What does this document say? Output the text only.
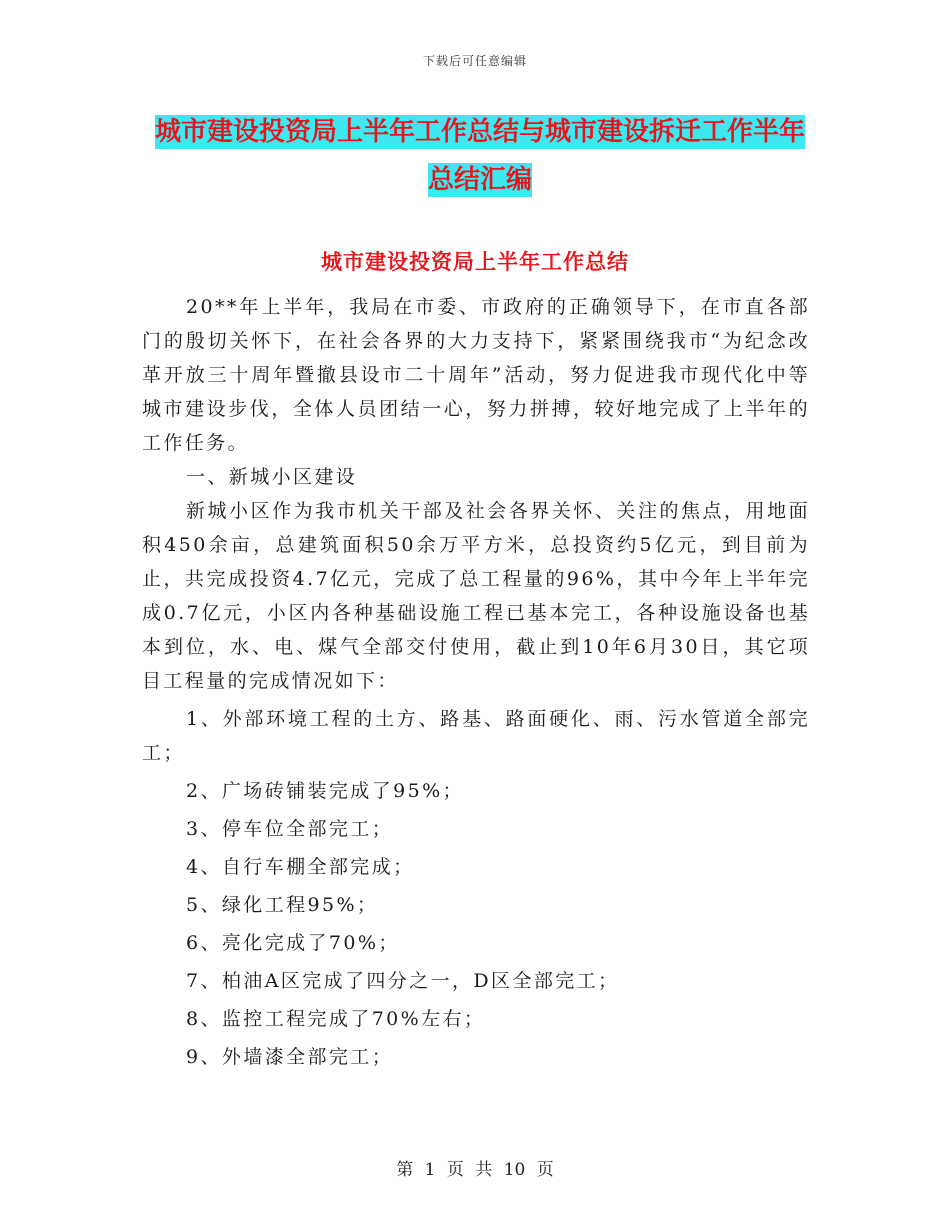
下载后可任意编辑
城市建设投资局上半年工作总结与城市建设拆迁工作半年总结汇编
城市建设投资局上半年工作总结

20**年上半年，我局在市委、市政府的正确领导下，在市直各部门的殷切关怀下，在社会各界的大力支持下，紧紧围绕我市“为纪念改革开放三十周年暨撤县设市二十周年”活动，努力促进我市现代化中等城市建设步伐，全体人员团结一心，努力拼搏，较好地完成了上半年的工作任务。

一、新城小区建设

新城小区作为我市机关干部及社会各界关怀、关注的焦点，用地面积450余亩，总建筑面积50余万平方米，总投资约5亿元，到目前为止，共完成投资4.7亿元，完成了总工程量的96%，其中今年上半年完成0.7亿元，小区内各种基础设施工程已基本完工，各种设施设备也基本到位，水、电、煤气全部交付使用，截止到10年6月30日，其它项目工程量的完成情况如下：

1、外部环境工程的土方、路基、路面硬化、雨、污水管道全部完工；

2、广场砖铺装完成了95%；

3、停车位全部完工；

4、自行车棚全部完成；

5、绿化工程95%；

6、亮化完成了70%；

7、柏油A区完成了四分之一，D区全部完工；

8、监控工程完成了70%左右；

9、外墙漆全部完工；

第 1 页 共 10 页
